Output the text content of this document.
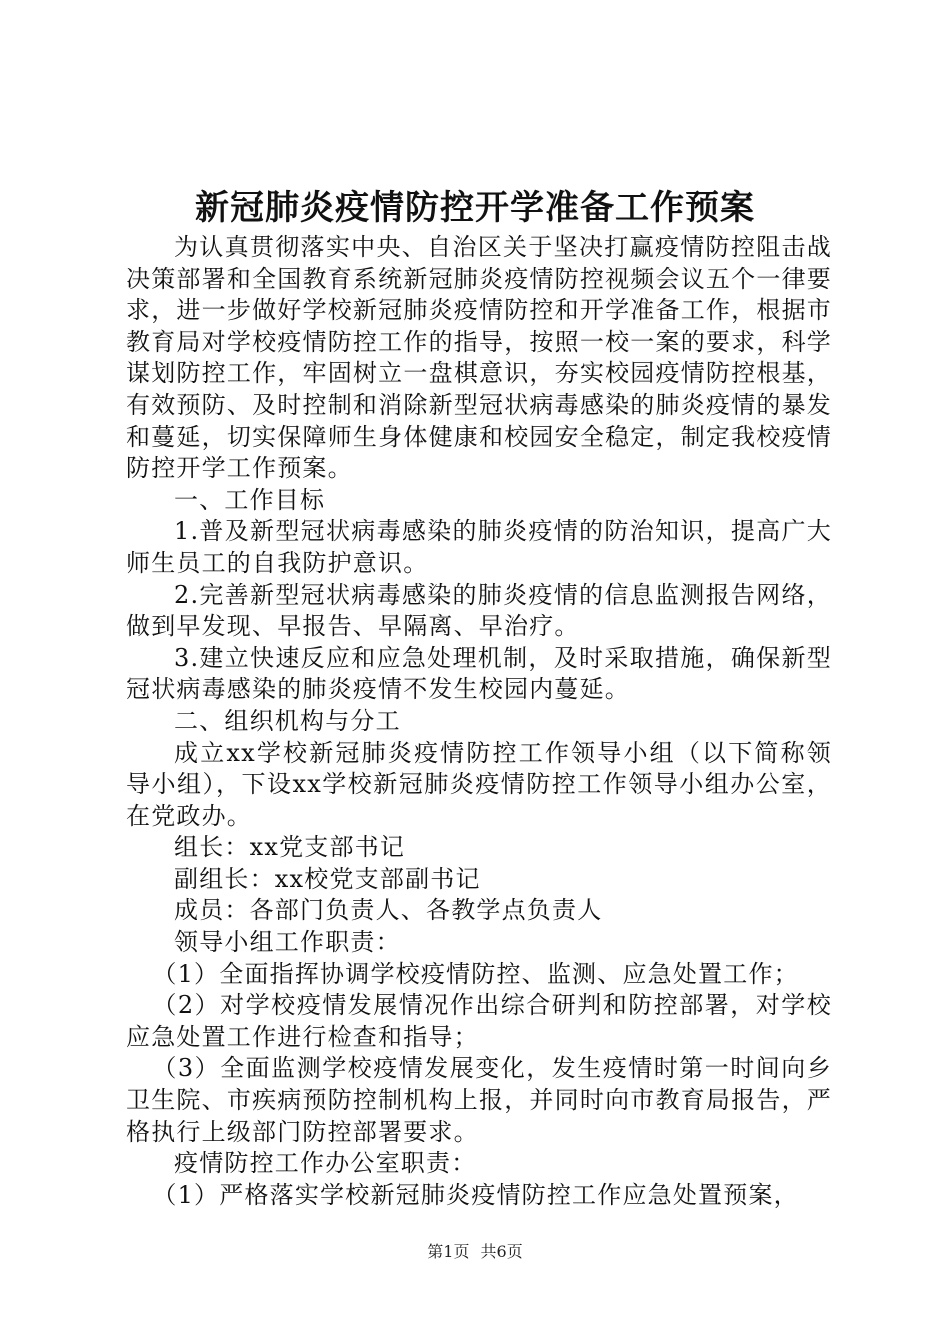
新冠肺炎疫情防控开学准备工作预案

为认真贯彻落实中央、自治区关于坚决打赢疫情防控阻击战决策部署和全国教育系统新冠肺炎疫情防控视频会议五个一律要求，进一步做好学校新冠肺炎疫情防控和开学准备工作，根据市教育局对学校疫情防控工作的指导，按照一校一案的要求，科学谋划防控工作，牢固树立一盘棋意识，夯实校园疫情防控根基，有效预防、及时控制和消除新型冠状病毒感染的肺炎疫情的暴发和蔓延，切实保障师生身体健康和校园安全稳定，制定我校疫情防控开学工作预案。

一、工作目标

1.普及新型冠状病毒感染的肺炎疫情的防治知识，提高广大师生员工的自我防护意识。

2.完善新型冠状病毒感染的肺炎疫情的信息监测报告网络，做到早发现、早报告、早隔离、早治疗。

3.建立快速反应和应急处理机制，及时采取措施，确保新型冠状病毒感染的肺炎疫情不发生校园内蔓延。

二、组织机构与分工

成立xx学校新冠肺炎疫情防控工作领导小组（以下简称领导小组），下设xx学校新冠肺炎疫情防控工作领导小组办公室，在党政办。

组长：xx党支部书记

副组长：xx校党支部副书记

成员：各部门负责人、各教学点负责人

领导小组工作职责：

（1）全面指挥协调学校疫情防控、监测、应急处置工作；

（2）对学校疫情发展情况作出综合研判和防控部署，对学校应急处置工作进行检查和指导；

（3）全面监测学校疫情发展变化，发生疫情时第一时间向乡卫生院、市疾病预防控制机构上报，并同时向市教育局报告，严格执行上级部门防控部署要求。

疫情防控工作办公室职责：

（1）严格落实学校新冠肺炎疫情防控工作应急处置预案，

第1页 共6页
